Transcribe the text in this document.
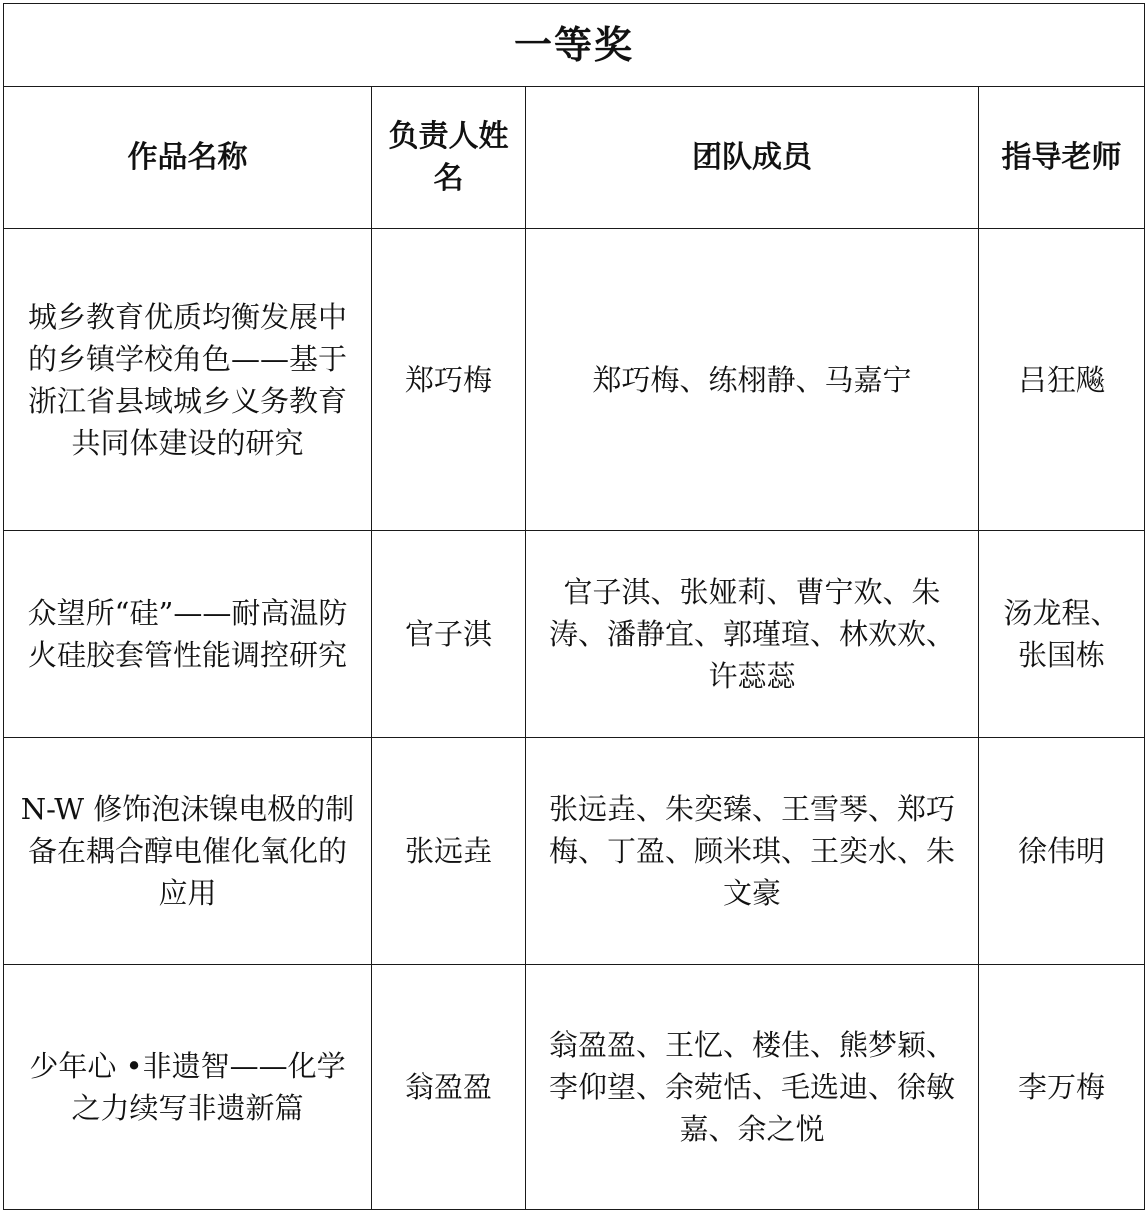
一等奖			
作品名称	负责人姓名	团队成员	指导老师
城乡教育优质均衡发展中的乡镇学校角色——基于浙江省县域城乡义务教育共同体建设的研究	郑巧梅	郑巧梅、练栩静、马嘉宁	吕狂飚
众望所“硅”——耐高温防火硅胶套管性能调控研究	官子淇	官子淇、张娅莉、曹宁欢、朱涛、潘静宜、郭瑾瑄、林欢欢、许蕊蕊	汤龙程、张国栋
N-W 修饰泡沫镍电极的制备在耦合醇电催化氧化的应用	张远垚	张远垚、朱奕臻、王雪琴、郑巧梅、丁盈、顾米琪、王奕水、朱文豪	徐伟明
少年心 •非遗智——化学之力续写非遗新篇	翁盈盈	翁盈盈、王忆、楼佳、熊梦颖、李仰望、余菀恬、毛选迪、徐敏嘉、余之悦	李万梅
